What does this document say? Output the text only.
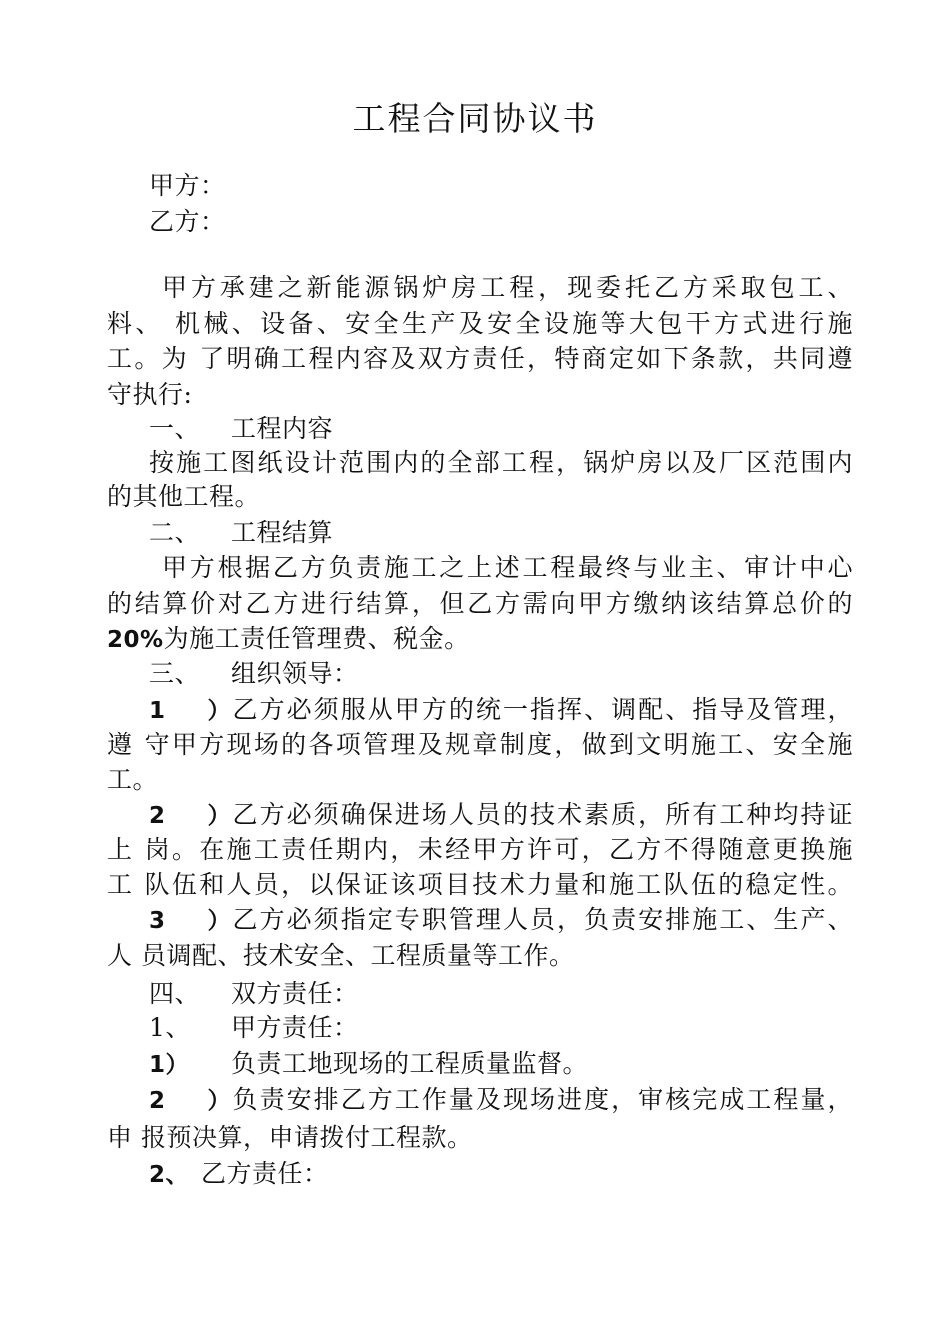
工程合同协议书
甲方：
乙方：
甲方承建之新能源锅炉房工程，现委托乙方采取包工、
料、 机械、设备、安全生产及安全设施等大包干方式进行施
工。为 了明确工程内容及双方责任，特商定如下条款，共同遵
守执行:
一、 工程内容
按施工图纸设计范围内的全部工程，锅炉房以及厂区范围内
的其他工程。
二、 工程结算
甲方根据乙方负责施工之上述工程最终与业主、审计中心
的结算价对乙方进行结算，但乙方需向甲方缴纳该结算总价的
20%为施工责任管理费、税金。
三、 组织领导：
1）乙方必须服从甲方的统一指挥、调配、指导及管理，
遵 守甲方现场的各项管理及规章制度，做到文明施工、安全施
工。
2）乙方必须确保进场人员的技术素质，所有工种均持证
上 岗。在施工责任期内，未经甲方许可，乙方不得随意更换施
工 队伍和人员，以保证该项目技术力量和施工队伍的稳定性。
3）乙方必须指定专职管理人员，负责安排施工、生产、
人 员调配、技术安全、工程质量等工作。
四、 双方责任：
1、 甲方责任：
1） 负责工地现场的工程质量监督。
2）负责安排乙方工作量及现场进度，审核完成工程量，
申 报预决算，申请拨付工程款。
2、 乙方责任：
